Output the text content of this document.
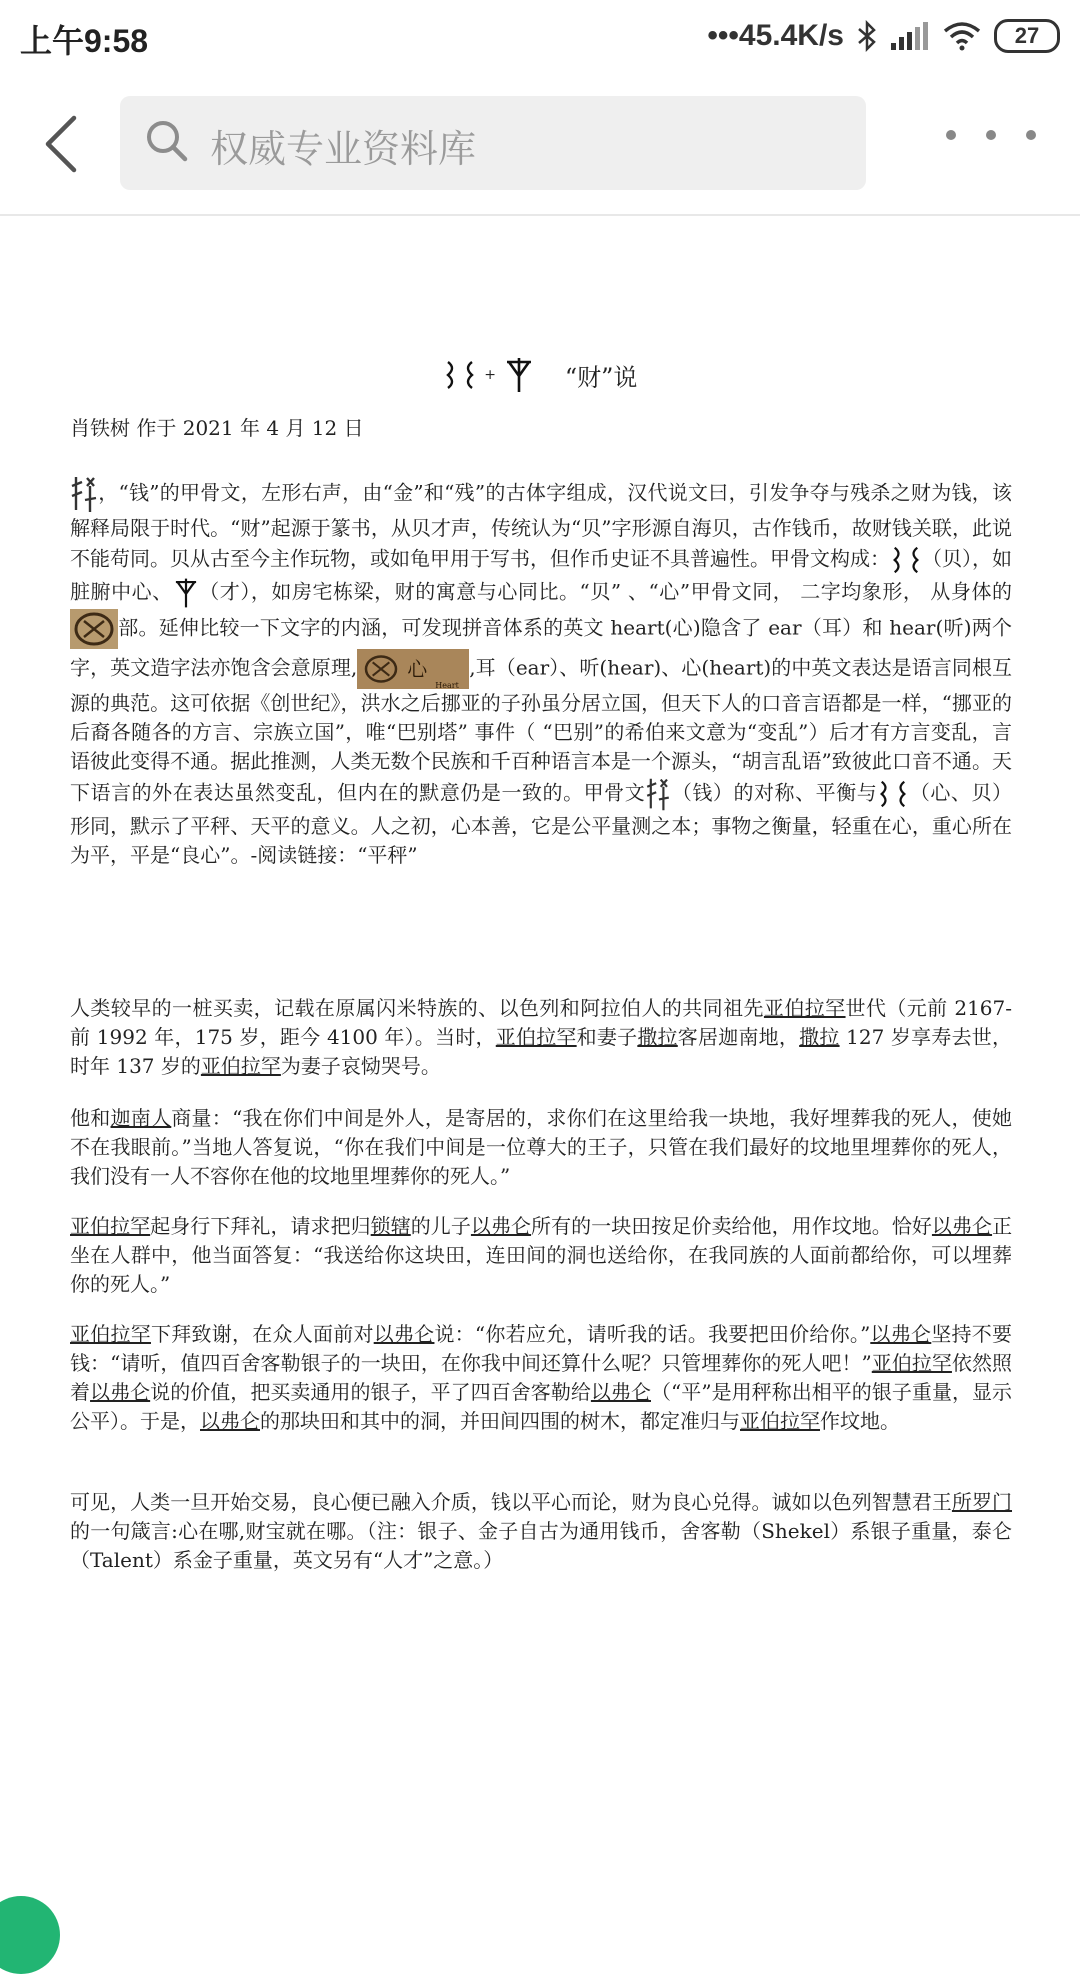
上午9:58	•••45.4K/s	27
权威专业资料库
+	“财”说
肖铁树 作于 2021 年 4 月 12 日
，“钱”的甲骨文，左形右声，由“金”和“残”的古体字组成，汉代说文曰，引发争夺与残杀之财为钱，该解释局限于时代。“财”起源于篆书，从贝才声，传统认为“贝”字形源自海贝，古作钱币，故财钱关联，此说不能苟同。贝从古至今主作玩物，或如龟甲用于写书，但作币史证不具普遍性。甲骨文构成： （贝），如脏腑中心、 （才），如房宅栋梁，财的寓意与心同比。“贝” 、“心”甲骨文同， 二字均象形， 从身体的部。延伸比较一下文字的内涵，可发现拼音体系的英文 heart(心)隐含了 ear（耳）和 hear(听)两个字，英文造字法亦饱含会意原理,	心
Heart
,耳（ear）、听(hear)、心(heart)的中英文表达是语言同根互源的典范。这可依据《创世纪》，洪水之后挪亚的子孙虽分居立国，但天下人的口音言语都是一样，“挪亚的后裔各随各的方言、宗族立国”，唯“巴别塔” 事件（ “巴别”的希伯来文意为“变乱”）后才有方言变乱，言语彼此变得不通。据此推测，人类无数个民族和千百种语言本是一个源头，“胡言乱语”致彼此口音不通。天下语言的外在表达虽然变乱，但内在的默意仍是一致的。甲骨文 （钱）的对称、平衡与 （心、贝） 形同，默示了平秤、天平的意义。人之初，心本善，它是公平量测之本；事物之衡量，轻重在心，重心所在为平，平是“良心”。-阅读链接：“平秤”
人类较早的一桩买卖，记载在原属闪米特族的、以色列和阿拉伯人的共同祖先亚伯拉罕世代（元前 2167-前 1992 年，175 岁，距今 4100 年）。当时，亚伯拉罕和妻子撒拉客居迦南地，撒拉 127 岁享寿去世，时年 137 岁的亚伯拉罕为妻子哀恸哭号。
他和迦南人商量：“我在你们中间是外人，是寄居的，求你们在这里给我一块地，我好埋葬我的死人，使她不在我眼前。”当地人答复说，“你在我们中间是一位尊大的王子，只管在我们最好的坟地里埋葬你的死人，我们没有一人不容你在他的坟地里埋葬你的死人。”
亚伯拉罕起身行下拜礼，请求把归锁辖的儿子以弗仑所有的一块田按足价卖给他，用作坟地。恰好以弗仑正坐在人群中，他当面答复：“我送给你这块田，连田间的洞也送给你，在我同族的人面前都给你，可以埋葬你的死人。”
亚伯拉罕下拜致谢，在众人面前对以弗仑说：“你若应允，请听我的话。我要把田价给你。”以弗仑坚持不要钱：“请听，值四百舍客勒银子的一块田，在你我中间还算什么呢？只管埋葬你的死人吧！”亚伯拉罕依然照着以弗仑说的价值，把买卖通用的银子，平了四百舍客勒给以弗仑（“平”是用秤称出相平的银子重量，显示公平）。于是，以弗仑的那块田和其中的洞，并田间四围的树木，都定准归与亚伯拉罕作坟地。
可见，人类一旦开始交易，良心便已融入介质，钱以平心而论，财为良心兑得。诚如以色列智慧君王所罗门的一句箴言:心在哪,财宝就在哪。（注：银子、金子自古为通用钱币，舍客勒（Shekel）系银子重量，泰仑（Talent）系金子重量，英文另有“人才”之意。）
